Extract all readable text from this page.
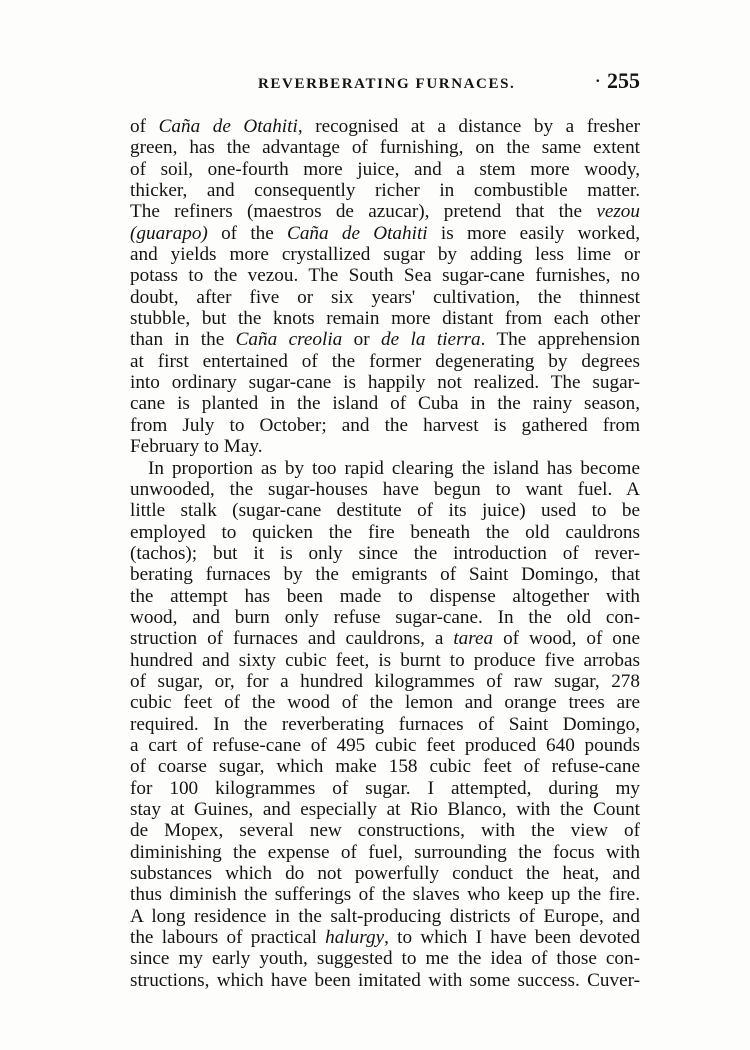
REVERBERATING FURNACES.
·	255
of Caña de Otahiti, recognised at a distance by a fresher
green, has the advantage of furnishing, on the same extent
of soil, one-fourth more juice, and a stem more woody,
thicker, and consequently richer in combustible matter.
The refiners (maestros de azucar), pretend that the vezou
(guarapo) of the Caña de Otahiti is more easily worked,
and yields more crystallized sugar by adding less lime or
potass to the vezou. The South Sea sugar-cane furnishes, no
doubt, after five or six years' cultivation, the thinnest
stubble, but the knots remain more distant from each other
than in the Caña creolia or de la tierra. The apprehension
at first entertained of the former degenerating by degrees
into ordinary sugar-cane is happily not realized. The sugar-
cane is planted in the island of Cuba in the rainy season,
from July to October; and the harvest is gathered from
February to May.
In proportion as by too rapid clearing the island has become
unwooded, the sugar-houses have begun to want fuel. A
little stalk (sugar-cane destitute of its juice) used to be
employed to quicken the fire beneath the old cauldrons
(tachos); but it is only since the introduction of rever-
berating furnaces by the emigrants of Saint Domingo, that
the attempt has been made to dispense altogether with
wood, and burn only refuse sugar-cane. In the old con-
struction of furnaces and cauldrons, a tarea of wood, of one
hundred and sixty cubic feet, is burnt to produce five arrobas
of sugar, or, for a hundred kilogrammes of raw sugar, 278
cubic feet of the wood of the lemon and orange trees are
required. In the reverberating furnaces of Saint Domingo,
a cart of refuse-cane of 495 cubic feet produced 640 pounds
of coarse sugar, which make 158 cubic feet of refuse-cane
for 100 kilogrammes of sugar. I attempted, during my
stay at Guines, and especially at Rio Blanco, with the Count
de Mopex, several new constructions, with the view of
diminishing the expense of fuel, surrounding the focus with
substances which do not powerfully conduct the heat, and
thus diminish the sufferings of the slaves who keep up the fire.
A long residence in the salt-producing districts of Europe, and
the labours of practical halurgy, to which I have been devoted
since my early youth, suggested to me the idea of those con-
structions, which have been imitated with some success. Cuver-
